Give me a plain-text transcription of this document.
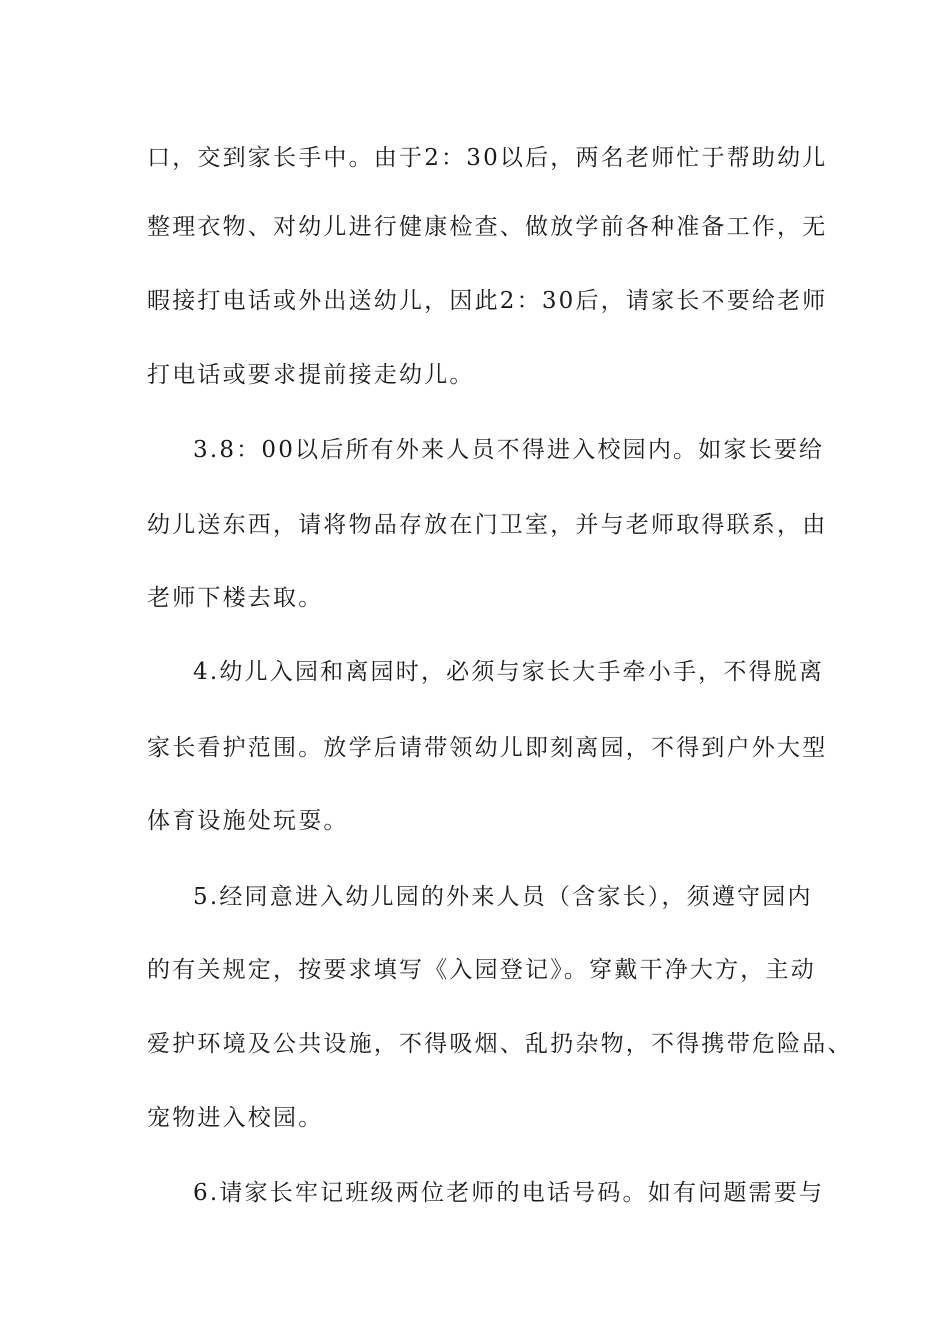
口，交到家长手中。由于2：30以后，两名老师忙于帮助幼儿
整理衣物、对幼儿进行健康检查、做放学前各种准备工作，无
暇接打电话或外出送幼儿，因此2：30后，请家长不要给老师
打电话或要求提前接走幼儿。
3.8：00以后所有外来人员不得进入校园内。如家长要给
幼儿送东西，请将物品存放在门卫室，并与老师取得联系，由
老师下楼去取。
4.幼儿入园和离园时，必须与家长大手牵小手，不得脱离
家长看护范围。放学后请带领幼儿即刻离园，不得到户外大型
体育设施处玩耍。
5.经同意进入幼儿园的外来人员（含家长），须遵守园内
的有关规定，按要求填写《入园登记》。穿戴干净大方，主动
爱护环境及公共设施，不得吸烟、乱扔杂物，不得携带危险品、
宠物进入校园。
6.请家长牢记班级两位老师的电话号码。如有问题需要与
